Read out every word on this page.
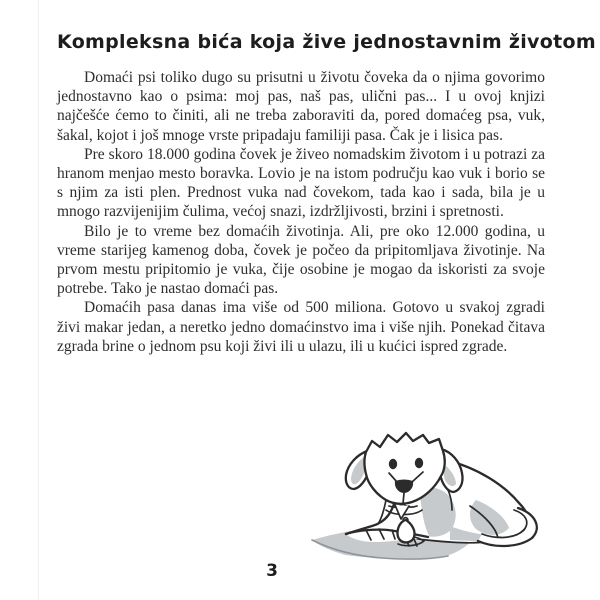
Kompleksna bića koja žive jednostavnim životom

Domaći psi toliko dugo su prisutni u životu čoveka da o njima govorimo jednostavno kao o psima: moj pas, naš pas, ulični pas... I u ovoj knjizi najčešće ćemo to činiti, ali ne treba zaboraviti da, pored domaćeg psa, vuk, šakal, kojot i još mnoge vrste pripadaju familiji pasa. Čak je i lisica pas.

Pre skoro 18.000 godina čovek je živeo nomadskim životom i u potrazi za hranom menjao mesto boravka. Lovio je na istom području kao vuk i borio se s njim za isti plen. Prednost vuka nad čovekom, tada kao i sada, bila je u mnogo razvijenijim čulima, većoj snazi, izdržljivosti, brzini i spretnosti.

Bilo je to vreme bez domaćih životinja. Ali, pre oko 12.000 godina, u vreme starijeg kamenog doba, čovek je počeo da pripitomljava životinje. Na prvom mestu pripitomio je vuka, čije osobine je mogao da iskoristi za svoje potrebe. Tako je nastao domaći pas.

Domaćih pasa danas ima više od 500 miliona. Gotovo u svakoj zgradi živi makar jedan, a neretko jedno domaćinstvo ima i više njih. Ponekad čitava zgrada brine o jednom psu koji živi ili u ulazu, ili u kućici ispred zgrade.

3
